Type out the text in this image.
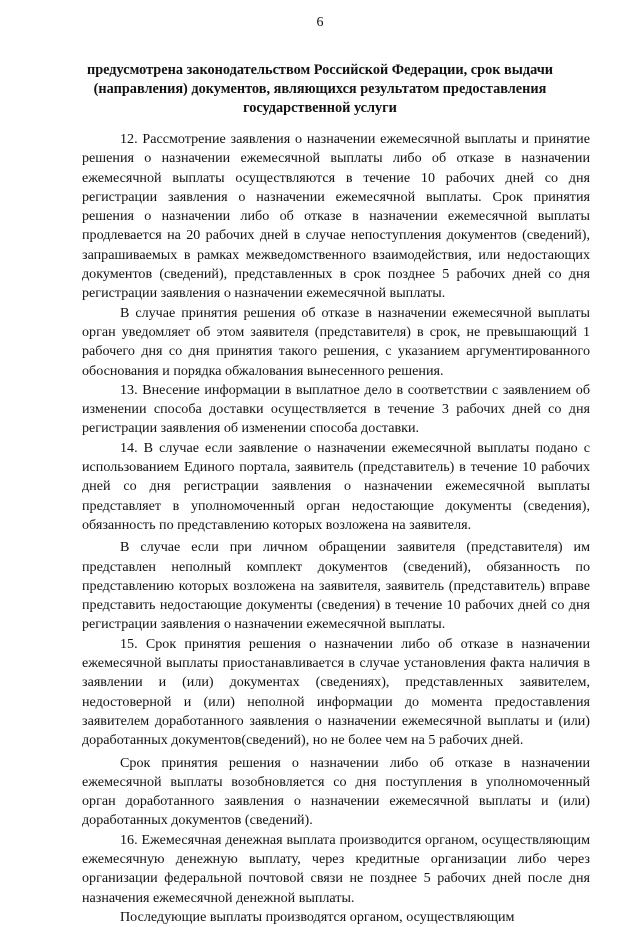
6
предусмотрена законодательством Российской Федерации, срок выдачи (направления) документов, являющихся результатом предоставления государственной услуги

12. Рассмотрение заявления о назначении ежемесячной выплаты и принятие решения о назначении ежемесячной выплаты либо об отказе в назначении ежемесячной выплаты осуществляются в течение 10 рабочих дней со дня регистрации заявления о назначении ежемесячной выплаты. Срок принятия решения о назначении либо об отказе в назначении ежемесячной выплаты продлевается на 20 рабочих дней в случае непоступления документов (сведений), запрашиваемых в рамках межведомственного взаимодействия, или недостающих документов (сведений), представленных в срок позднее 5 рабочих дней со дня регистрации заявления о назначении ежемесячной выплаты.

В случае принятия решения об отказе в назначении ежемесячной выплаты орган уведомляет об этом заявителя (представителя) в срок, не превышающий 1 рабочего дня со дня принятия такого решения, с указанием аргументированного обоснования и порядка обжалования вынесенного решения.

13. Внесение информации в выплатное дело в соответствии с заявлением об изменении способа доставки осуществляется в течение 3 рабочих дней со дня регистрации заявления об изменении способа доставки.

14. В случае если заявление о назначении ежемесячной выплаты подано с использованием Единого портала, заявитель (представитель) в течение 10 рабочих дней со дня регистрации заявления о назначении ежемесячной выплаты представляет в уполномоченный орган недостающие документы (сведения), обязанность по представлению которых возложена на заявителя.

В случае если при личном обращении заявителя (представителя) им представлен неполный комплект документов (сведений), обязанность по представлению которых возложена на заявителя, заявитель (представитель) вправе представить недостающие документы (сведения) в течение 10 рабочих дней со дня регистрации заявления о назначении ежемесячной выплаты.

15. Срок принятия решения о назначении либо об отказе в назначении ежемесячной выплаты приостанавливается в случае установления факта наличия в заявлении и (или) документах (сведениях), представленных заявителем, недостоверной и (или) неполной информации до момента предоставления заявителем доработанного заявления о назначении ежемесячной выплаты и (или) доработанных документов(сведений), но не более чем на 5 рабочих дней.

Срок принятия решения о назначении либо об отказе в назначении ежемесячной выплаты возобновляется со дня поступления в уполномоченный орган доработанного заявления о назначении ежемесячной выплаты и (или) доработанных документов (сведений).

16. Ежемесячная денежная выплата производится органом, осуществляющим ежемесячную денежную выплату, через кредитные организации либо через организации федеральной почтовой связи не позднее 5 рабочих дней после дня назначения ежемесячной денежной выплаты.

Последующие выплаты производятся органом, осуществляющим
